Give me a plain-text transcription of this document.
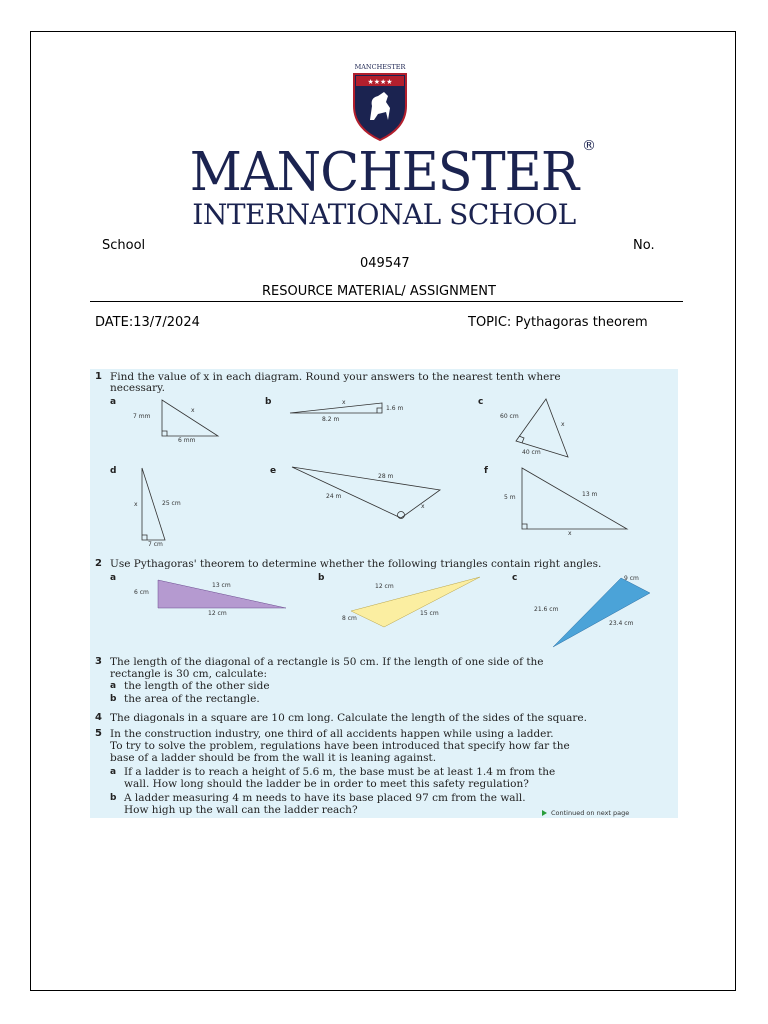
MANCHESTER
★★★★
MANCHESTER ®
INTERNATIONAL SCHOOL
School	No.
049547
RESOURCE MATERIAL/ ASSIGNMENT
DATE:13/7/2024	TOPIC: Pythagoras theorem
1 Find the value of x in each diagram. Round your answers to the nearest tenth where
necessary.
a
7 mm
x
6 mm
b	x
1.6 m
8.2 m
c
60 cm
x
40 cm
d
x	25 cm
7 cm
e
28 m
24 m
x
f
5 m	13 m
x
2 Use Pythagoras' theorem to determine whether the following triangles contain right angles.
a
6 cm
13 cm
12 cm
b
12 cm
8 cm
15 cm
c	9 cm
21.6 cm
23.4 cm
3 The length of the diagonal of a rectangle is 50 cm. If the length of one side of the
rectangle is 30 cm, calculate:
a the length of the other side
b the area of the rectangle.
4 The diagonals in a square are 10 cm long. Calculate the length of the sides of the square.
5 In the construction industry, one third of all accidents happen while using a ladder.
To try to solve the problem, regulations have been introduced that specify how far the
base of a ladder should be from the wall it is leaning against.
a If a ladder is to reach a height of 5.6 m, the base must be at least 1.4 m from the
wall. How long should the ladder be in order to meet this safety regulation?
b A ladder measuring 4 m needs to have its base placed 97 cm from the wall.
How high up the wall can the ladder reach?	Continued on next page
